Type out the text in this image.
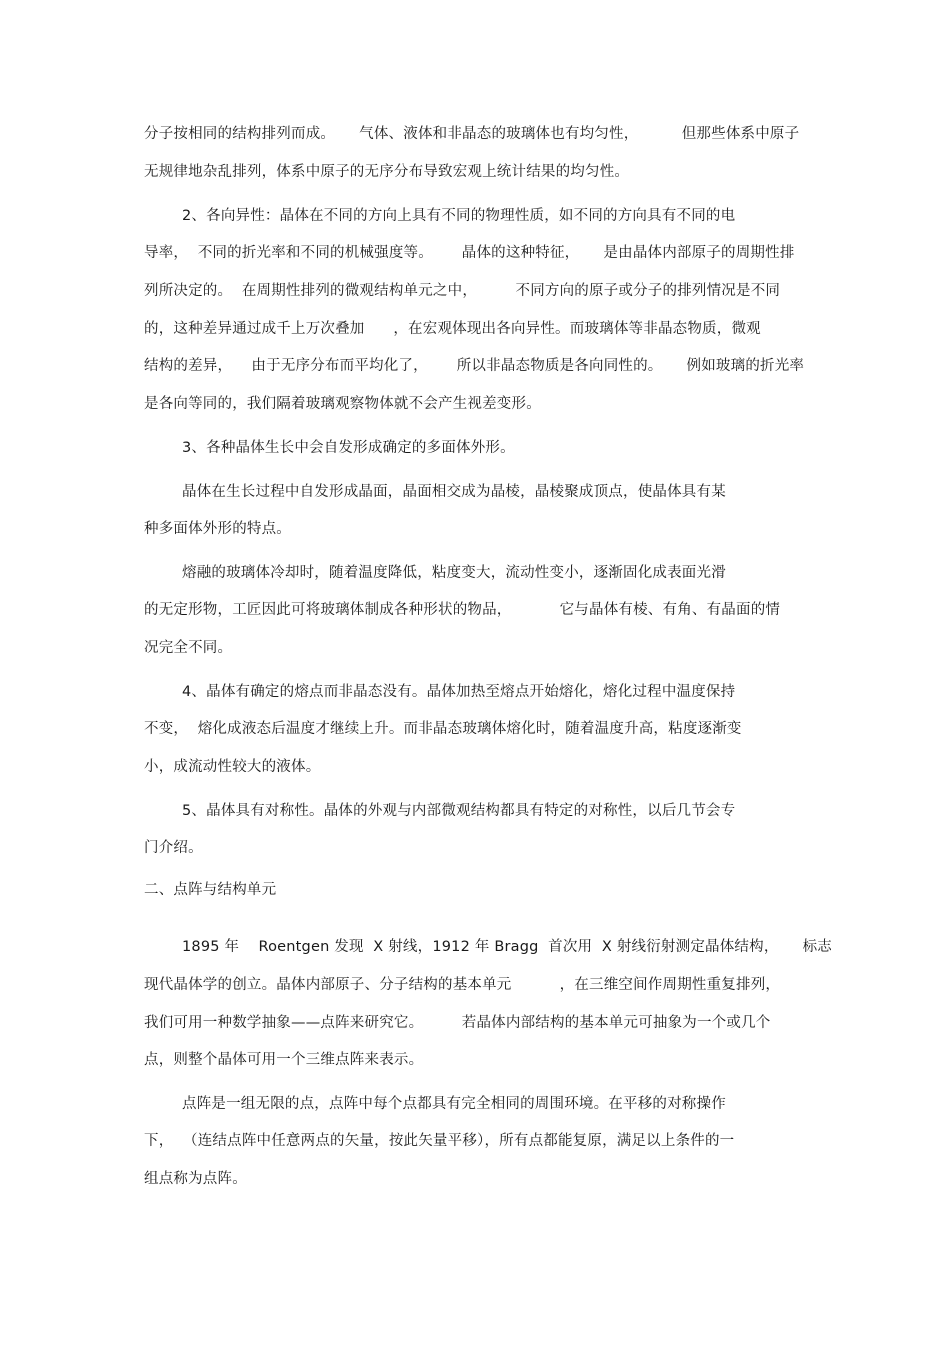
分子按相同的结构排列而成。     气体、液体和非晶态的玻璃体也有均匀性，         但那些体系中原子
无规律地杂乱排列，体系中原子的无序分布导致宏观上统计结果的均匀性。
2、各向异性：晶体在不同的方向上具有不同的物理性质，如不同的方向具有不同的电
导率，  不同的折光率和不同的机械强度等。      晶体的这种特征，     是由晶体内部原子的周期性排
列所决定的。  在周期性排列的微观结构单元之中，        不同方向的原子或分子的排列情况是不同
的，这种差异通过成千上万次叠加      ，在宏观体现出各向异性。而玻璃体等非晶态物质，微观
结构的差异，    由于无序分布而平均化了，      所以非晶态物质是各向同性的。     例如玻璃的折光率
是各向等同的，我们隔着玻璃观察物体就不会产生视差变形。
3、各种晶体生长中会自发形成确定的多面体外形。
晶体在生长过程中自发形成晶面，晶面相交成为晶棱，晶棱聚成顶点，使晶体具有某
种多面体外形的特点。
熔融的玻璃体冷却时，随着温度降低，粘度变大，流动性变小，逐渐固化成表面光滑
的无定形物，工匠因此可将玻璃体制成各种形状的物品，          它与晶体有棱、有角、有晶面的情
况完全不同。
4、晶体有确定的熔点而非晶态没有。晶体加热至熔点开始熔化，熔化过程中温度保持
不变，  熔化成液态后温度才继续上升。而非晶态玻璃体熔化时，随着温度升高，粘度逐渐变
小，成流动性较大的液体。
5、晶体具有对称性。晶体的外观与内部微观结构都具有特定的对称性，以后几节会专
门介绍。
二、点阵与结构单元
1895 年    Roentgen 发现  X 射线，1912 年 Bragg  首次用  X 射线衍射测定晶体结构，     标志
现代晶体学的创立。晶体内部原子、分子结构的基本单元          ，在三维空间作周期性重复排列，
我们可用一种数学抽象——点阵来研究它。        若晶体内部结构的基本单元可抽象为一个或几个
点，则整个晶体可用一个三维点阵来表示。
点阵是一组无限的点，点阵中每个点都具有完全相同的周围环境。在平移的对称操作
下，  （连结点阵中任意两点的矢量，按此矢量平移），所有点都能复原，满足以上条件的一
组点称为点阵。
